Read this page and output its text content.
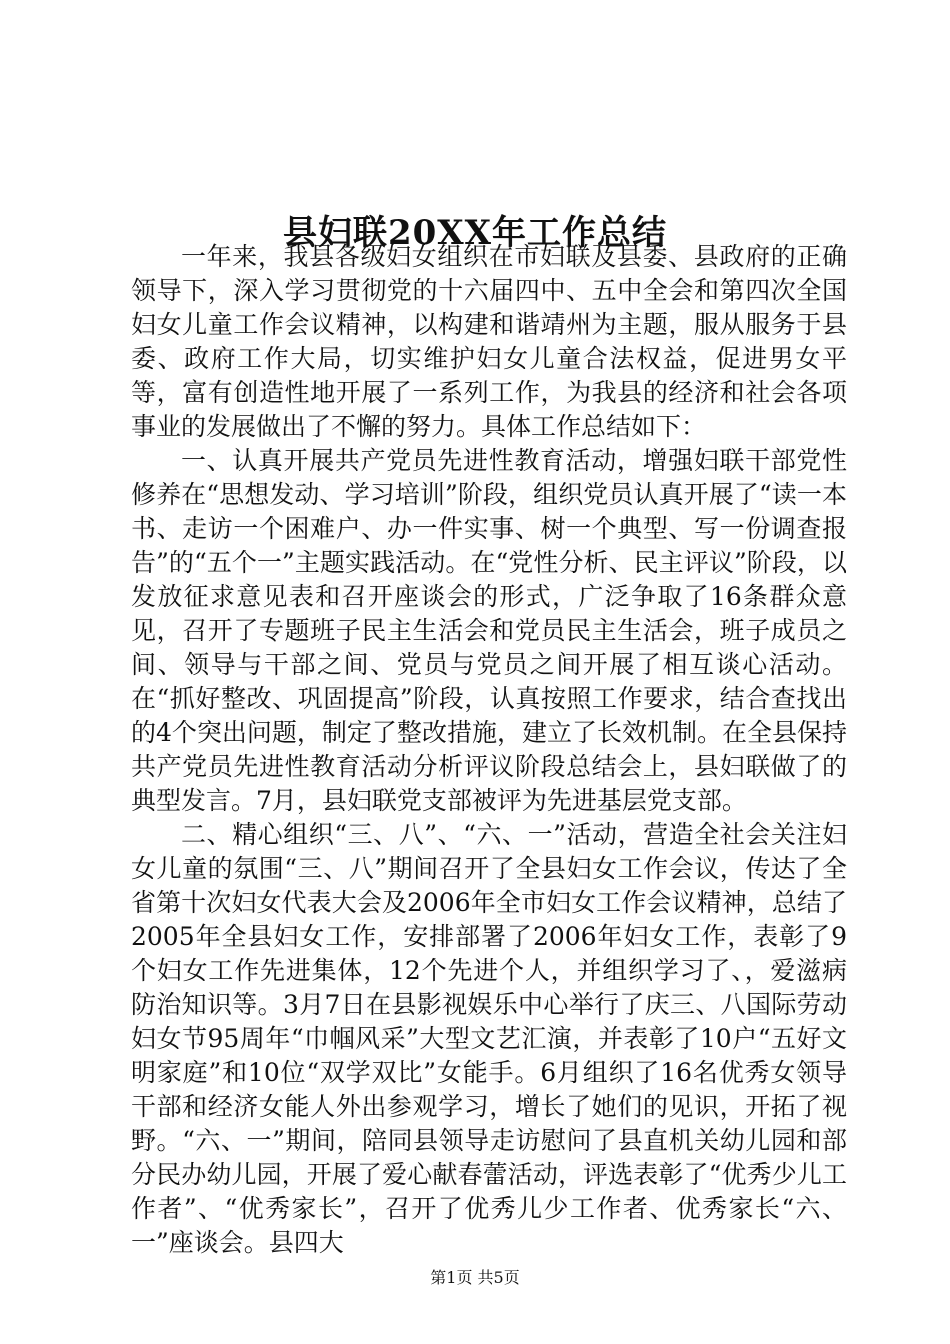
县妇联20XX年工作总结

一年来，我县各级妇女组织在市妇联及县委、县政府的正确领导下，深入学习贯彻党的十六届四中、五中全会和第四次全国妇女儿童工作会议精神，以构建和谐靖州为主题，服从服务于县委、政府工作大局，切实维护妇女儿童合法权益，促进男女平等，富有创造性地开展了一系列工作，为我县的经济和社会各项事业的发展做出了不懈的努力。具体工作总结如下：

一、认真开展共产党员先进性教育活动，增强妇联干部党性修养在“思想发动、学习培训”阶段，组织党员认真开展了“读一本书、走访一个困难户、办一件实事、树一个典型、写一份调查报告”的“五个一”主题实践活动。在“党性分析、民主评议”阶段，以发放征求意见表和召开座谈会的形式，广泛争取了16条群众意见，召开了专题班子民主生活会和党员民主生活会，班子成员之间、领导与干部之间、党员与党员之间开展了相互谈心活动。在“抓好整改、巩固提高”阶段，认真按照工作要求，结合查找出的4个突出问题，制定了整改措施，建立了长效机制。在全县保持共产党员先进性教育活动分析评议阶段总结会上，县妇联做了的典型发言。7月，县妇联党支部被评为先进基层党支部。

二、精心组织“三、八”、“六、一”活动，营造全社会关注妇女儿童的氛围“三、八”期间召开了全县妇女工作会议，传达了全省第十次妇女代表大会及2006年全市妇女工作会议精神，总结了2005年全县妇女工作，安排部署了2006年妇女工作，表彰了9个妇女工作先进集体，12个先进个人，并组织学习了、，爱滋病防治知识等。3月7日在县影视娱乐中心举行了庆三、八国际劳动妇女节95周年“巾帼风采”大型文艺汇演，并表彰了10户“五好文明家庭”和10位“双学双比”女能手。6月组织了16名优秀女领导干部和经济女能人外出参观学习，增长了她们的见识，开拓了视野。“六、一”期间，陪同县领导走访慰问了县直机关幼儿园和部分民办幼儿园，开展了爱心献春蕾活动，评选表彰了“优秀少儿工作者”、“优秀家长”，召开了优秀儿少工作者、优秀家长“六、一”座谈会。县四大

第1页 共5页
